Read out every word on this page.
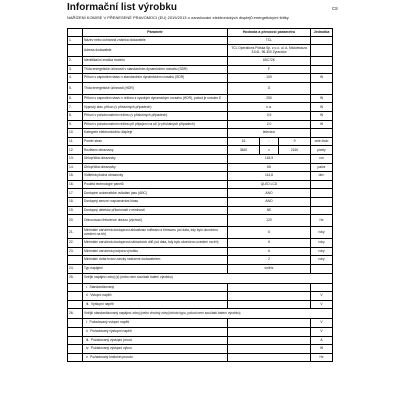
Informační list výrobku	CS
NAŘÍZENÍ KOMISE V PŘENESENÉ PRAVOMOCI (EU) 2019/2013 o označování elektronických displejů energetickými štítky
	Parametr	Hodnota a přesnost parametru			Jednotka
1.	Název nebo ochranná známka dodavatele	TCL			
	Adresa dodavatele	TCL Operations Polska Sp. z o.o. ul. A. Mickiewicza 31/41, 96-300 Żyrardów			
2.	Identifikační značka modelu	65C72K			
3.	Třída energetické účinnosti v standardním dynamickém rozsahu (SDR)	F			
4.	Příkon v zapnutém stavu v standardním dynamickém rozsahu (SDR)	100			W
5.	Třída energetické účinnosti (HDR)	G			
6.	Příkon v zapnutém stavu v režimu s vysokým dynamickým rozsahu (HDR), pokud je uveden E	250			W
7.	Vypnutý stav, příkon (v příslušných případech)	n.a.			W
8.	Příkon v pohotovostním režimu (v příslušných případech)	0,5			W
9.	Příkon v pohotovostním režimu při připojení na síť (v příslušných případech)	2,0			W
10.	Kategorie elektronického displeje	televizor			
11.	Poměr stran	16	:	9	celé číslo
12.	Rozlišení obrazovky	3840	x	2160	pixely
13.	Úhlopříčka obrazovky	163,9			cm
14.	Úhlopříčka obrazovky	65			palce
15.	Viditelná plocha obrazovky	114,8			dm²
16.	Použitá technologie panelů	QLED LCD			
17.	Dostupné automatické ovládání jasu (ABC)	ANO			
18.	Dostupný senzor rozpoznávání hlasu	ANO			
19.	Dostupný detektor přítomnosti v místnosti	NE			
20.	Obnovovací frekvence obrazu (výchozí)	120			Hz
21.	Minimální zaručená dostupnost aktualizací softwaru a firmwaru (od data, kdy bylo ukončeno uvedení na trh)	6			roky
22.	Minimální zaručená dostupnost náhradních dílů (od data, kdy bylo ukončeno uvedení na trh)	6			roky
23.	Minimální zaručená podpora výrobku	6			roky
	Minimální doba trvání záruky nabízené dodavatelem	2			roky
24.	Typ napájení	vnitřní			
25.	Vnější napájecí zdroj (s) (nebo není součástí balení výrobku)				
	i. Standardizovaný				
	ii. Vstupní napětí				V
	iii. Výstupní napětí				V
26.	Vnější standardizovaný napájecí zdroj (nebo vhodný zdroj tohoto typu, pokud není součástí balení výrobku)				
	i. Požadovaný vstupní napětí				V
	ii. Požadovaný výstupní napětí				V
	iii. Požadovaný výstupní proud				A
	iv. Požadovaný výstupní výkon				W
	v. Požadovaný kmitočet proudu				Hz
